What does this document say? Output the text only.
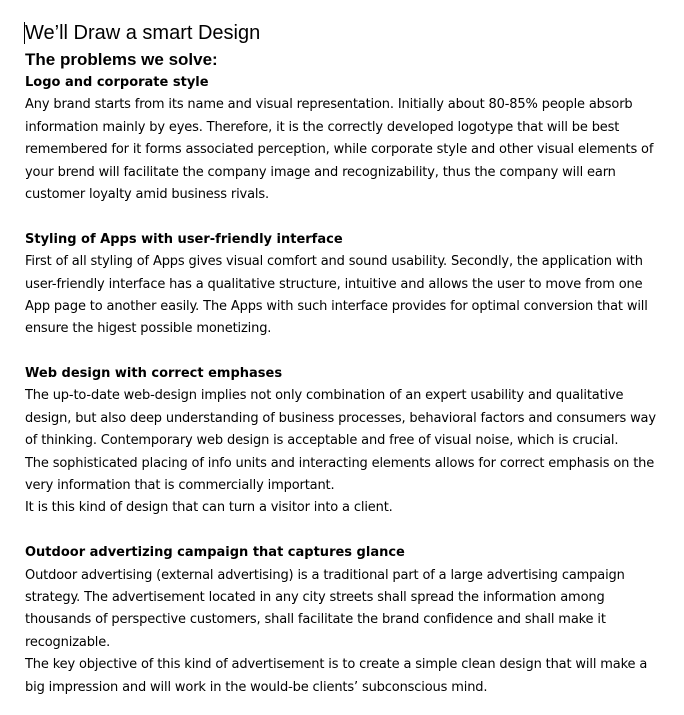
We’ll Draw a smart Design
The problems we solve:
Logo and corporate style
Any brand starts from its name and visual representation. Initially about 80-85% people absorb
information mainly by eyes. Therefore, it is the correctly developed logotype that will be best
remembered for it forms associated perception, while corporate style and other visual elements of
your brend will facilitate the company image and recognizability, thus the company will earn
customer loyalty amid business rivals.
Styling of Apps with user-friendly interface
First of all styling of Apps gives visual comfort and sound usability. Secondly, the application with
user-friendly interface has a qualitative structure, intuitive and allows the user to move from one
App page to another easily. The Apps with such interface provides for optimal conversion that will
ensure the higest possible monetizing.
Web design with correct emphases
The up-to-date web-design implies not only combination of an expert usability and qualitative
design, but also deep understanding of business processes, behavioral factors and consumers way
of thinking. Contemporary web design is acceptable and free of visual noise, which is crucial.
The sophisticated placing of info units and interacting elements allows for correct emphasis on the
very information that is commercially important.
It is this kind of design that can turn a visitor into a client.
Outdoor advertizing campaign that captures glance
Outdoor advertising (external advertising) is a traditional part of a large advertising campaign
strategy. The advertisement located in any city streets shall spread the information among
thousands of perspective customers, shall facilitate the brand confidence and shall make it
recognizable.
The key objective of this kind of advertisement is to create a simple clean design that will make a
big impression and will work in the would-be clients’ subconscious mind.
